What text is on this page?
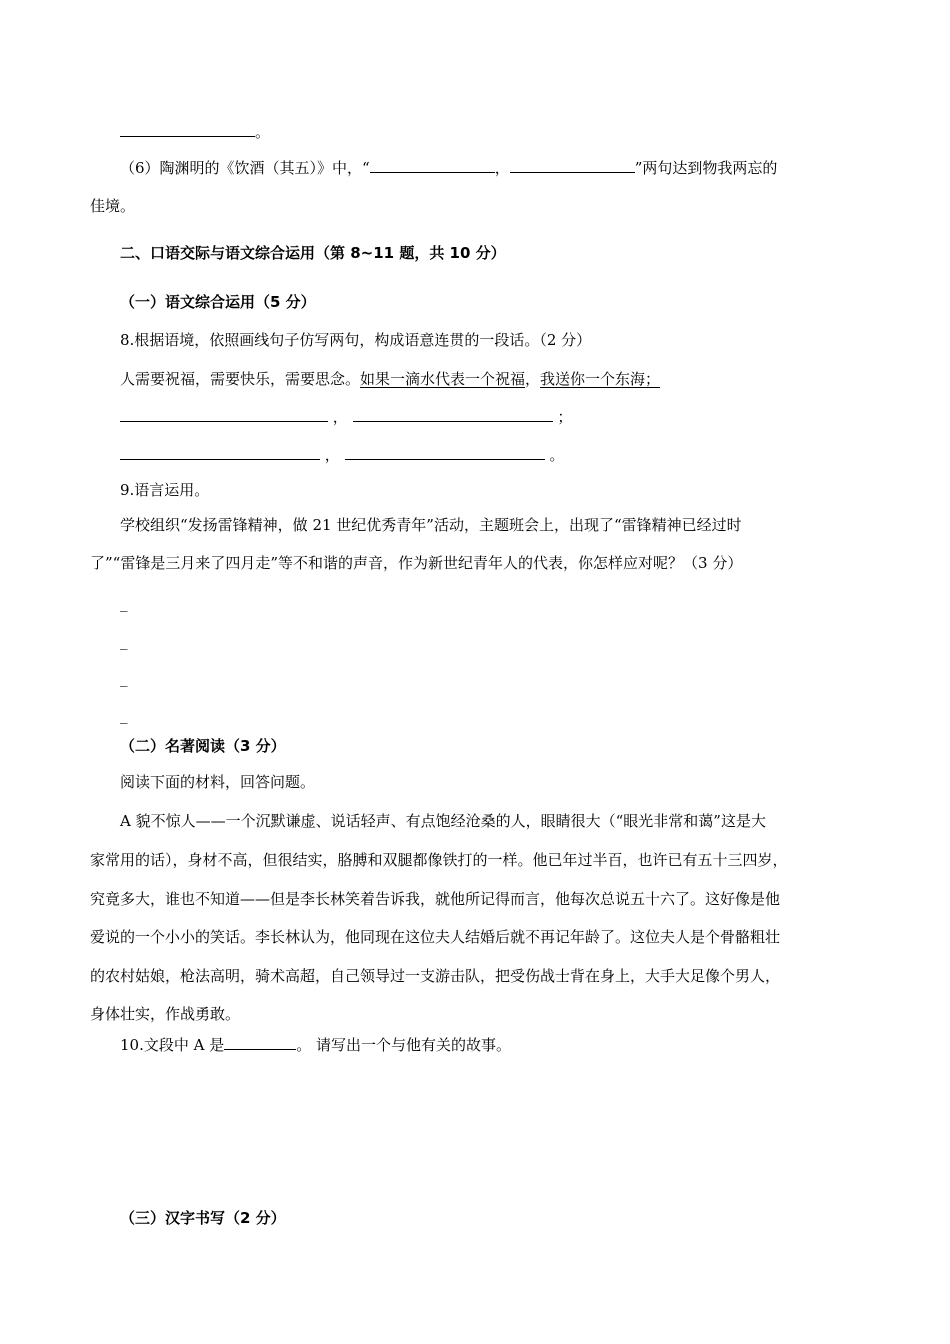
。
（6）陶渊明的《饮酒（其五）》中，“	，	”两句达到物我两忘的
佳境。
二、口语交际与语文综合运用（第 8~11 题，共 10 分）
（一）语文综合运用（5 分）
8.根据语境，依照画线句子仿写两句，构成语意连贯的一段话。（2 分）
人需要祝福，需要快乐，需要思念。如果一滴水代表一个祝福，我送你一个东海；
，	；
，	。
9.语言运用。
学校组织“发扬雷锋精神，做 21 世纪优秀青年”活动，主题班会上，出现了“雷锋精神已经过时
了”“雷锋是三月来了四月走”等不和谐的声音，作为新世纪青年人的代表，你怎样应对呢？（3 分）
_
_
_
_
（二）名著阅读（3 分）
阅读下面的材料，回答问题。
A 貌不惊人——一个沉默谦虚、说话轻声、有点饱经沧桑的人，眼睛很大（“眼光非常和蔼”这是大
家常用的话），身材不高，但很结实，胳膊和双腿都像铁打的一样。他已年过半百，也许已有五十三四岁，
究竟多大，谁也不知道——但是李长林笑着告诉我，就他所记得而言，他每次总说五十六了。这好像是他
爱说的一个小小的笑话。李长林认为，他同现在这位夫人结婚后就不再记年龄了。这位夫人是个骨骼粗壮
的农村姑娘，枪法高明，骑术高超，自己领导过一支游击队，把受伤战士背在身上，大手大足像个男人，
身体壮实，作战勇敢。
10.文段中 A 是	。 请写出一个与他有关的故事。
（三）汉字书写（2 分）
